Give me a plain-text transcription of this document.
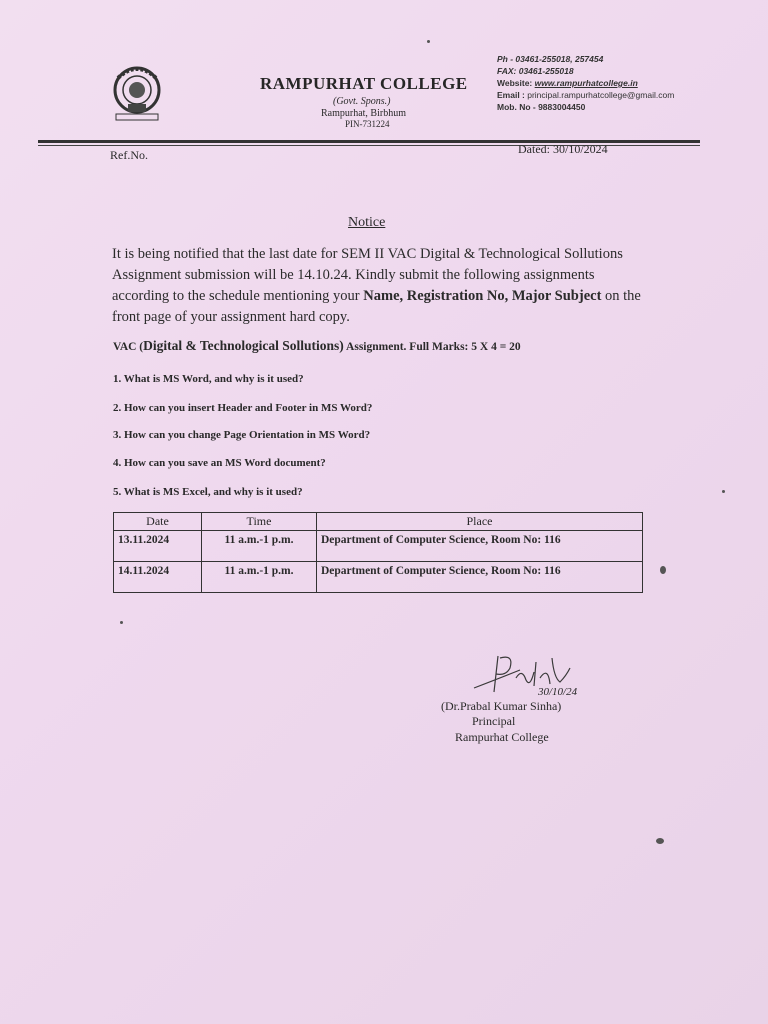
RAMPURHAT COLLEGE
(Govt. Spons.)
Rampurhat, Birbhum
PIN-731224
Ph - 03461-255018, 257454
FAX: 03461-255018
Website: www.rampurhatcollege.in
Email : principal.rampurhatcollege@gmail.com
Mob. No - 9883004450
Ref.No.	Dated: 30/10/2024
Notice
It is being notified that the last date for SEM II VAC Digital & Technological Sollutions Assignment submission will be 14.10.24. Kindly submit the following assignments according to the schedule mentioning your Name, Registration No, Major Subject on the front page of your assignment hard copy.
VAC (Digital & Technological Sollutions) Assignment. Full Marks: 5 X 4 = 20
1. What is MS Word, and why is it used?
2. How can you insert Header and Footer in MS Word?
3. How can you change Page Orientation in MS Word?
4. How can you save an MS Word document?
5. What is MS Excel, and why is it used?
Date	Time	Place
13.11.2024	11 a.m.-1 p.m.	Department of Computer Science, Room No: 116
14.11.2024	11 a.m.-1 p.m.	Department of Computer Science, Room No: 116
30/10/24
(Dr.Prabal Kumar Sinha)
Principal
Rampurhat College
